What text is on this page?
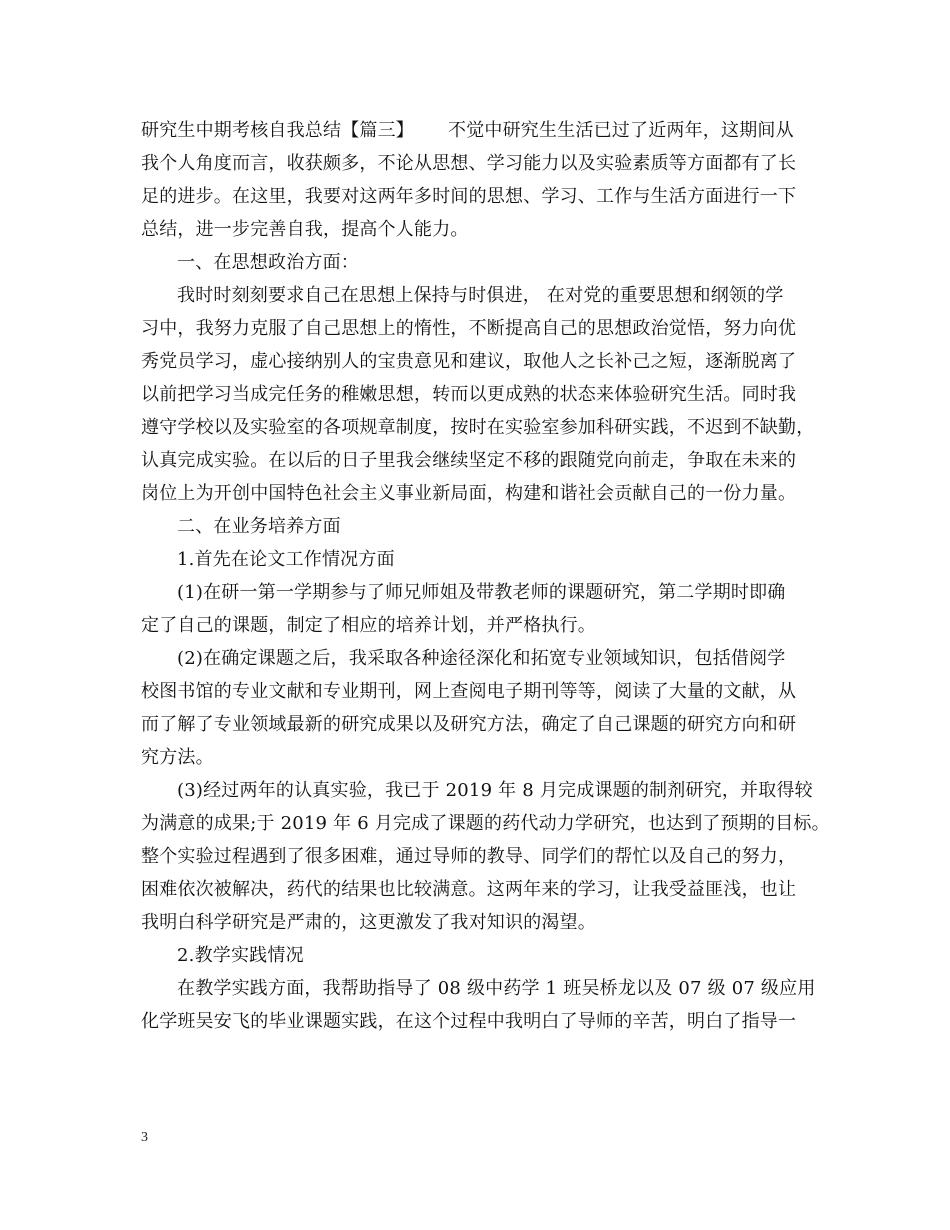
研究生中期考核自我总结【篇三】 不觉中研究生生活已过了近两年，这期间从
我个人角度而言，收获颇多，不论从思想、学习能力以及实验素质等方面都有了长
足的进步。在这里，我要对这两年多时间的思想、学习、工作与生活方面进行一下
总结，进一步完善自我，提高个人能力。
一、在思想政治方面：
我时时刻刻要求自己在思想上保持与时俱进， 在对党的重要思想和纲领的学
习中，我努力克服了自己思想上的惰性，不断提高自己的思想政治觉悟，努力向优
秀党员学习，虚心接纳别人的宝贵意见和建议，取他人之长补己之短，逐渐脱离了
以前把学习当成完任务的稚嫩思想，转而以更成熟的状态来体验研究生活。同时我
遵守学校以及实验室的各项规章制度，按时在实验室参加科研实践，不迟到不缺勤，
认真完成实验。在以后的日子里我会继续坚定不移的跟随党向前走，争取在未来的
岗位上为开创中国特色社会主义事业新局面，构建和谐社会贡献自己的一份力量。
二、在业务培养方面
1.首先在论文工作情况方面
(1)在研一第一学期参与了师兄师姐及带教老师的课题研究，第二学期时即确
定了自己的课题，制定了相应的培养计划，并严格执行。
(2)在确定课题之后，我采取各种途径深化和拓宽专业领域知识，包括借阅学
校图书馆的专业文献和专业期刊，网上查阅电子期刊等等，阅读了大量的文献，从
而了解了专业领域最新的研究成果以及研究方法，确定了自己课题的研究方向和研
究方法。
(3)经过两年的认真实验，我已于 2019 年 8 月完成课题的制剂研究，并取得较
为满意的成果;于 2019 年 6 月完成了课题的药代动力学研究，也达到了预期的目标。
整个实验过程遇到了很多困难，通过导师的教导、同学们的帮忙以及自己的努力，
困难依次被解决，药代的结果也比较满意。这两年来的学习，让我受益匪浅，也让
我明白科学研究是严肃的，这更激发了我对知识的渴望。
2.教学实践情况
在教学实践方面，我帮助指导了 08 级中药学 1 班吴桥龙以及 07 级 07 级应用
化学班吴安飞的毕业课题实践，在这个过程中我明白了导师的辛苦，明白了指导一
3
